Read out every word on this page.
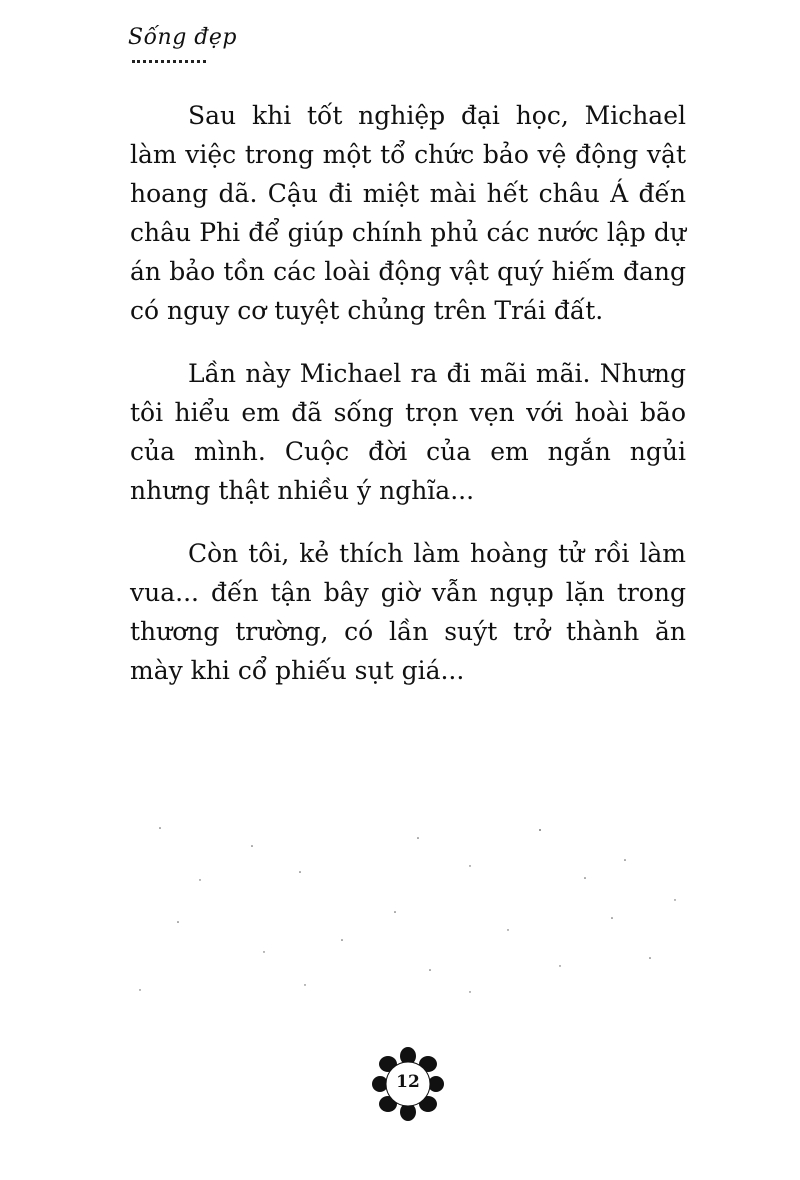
Sống đẹp

Sau khi tốt nghiệp đại học, Michael làm việc trong một tổ chức bảo vệ động vật hoang dã. Cậu đi miệt mài hết châu Á đến châu Phi để giúp chính phủ các nước lập dự án bảo tồn các loài động vật quý hiếm đang có nguy cơ tuyệt chủng trên Trái đất.

Lần này Michael ra đi mãi mãi. Nhưng tôi hiểu em đã sống trọn vẹn với hoài bão của mình. Cuộc đời của em ngắn ngủi nhưng thật nhiều ý nghĩa...

Còn tôi, kẻ thích làm hoàng tử rồi làm vua... đến tận bây giờ vẫn ngụp lặn trong thương trường, có lần suýt trở thành ăn mày khi cổ phiếu sụt giá...

12
